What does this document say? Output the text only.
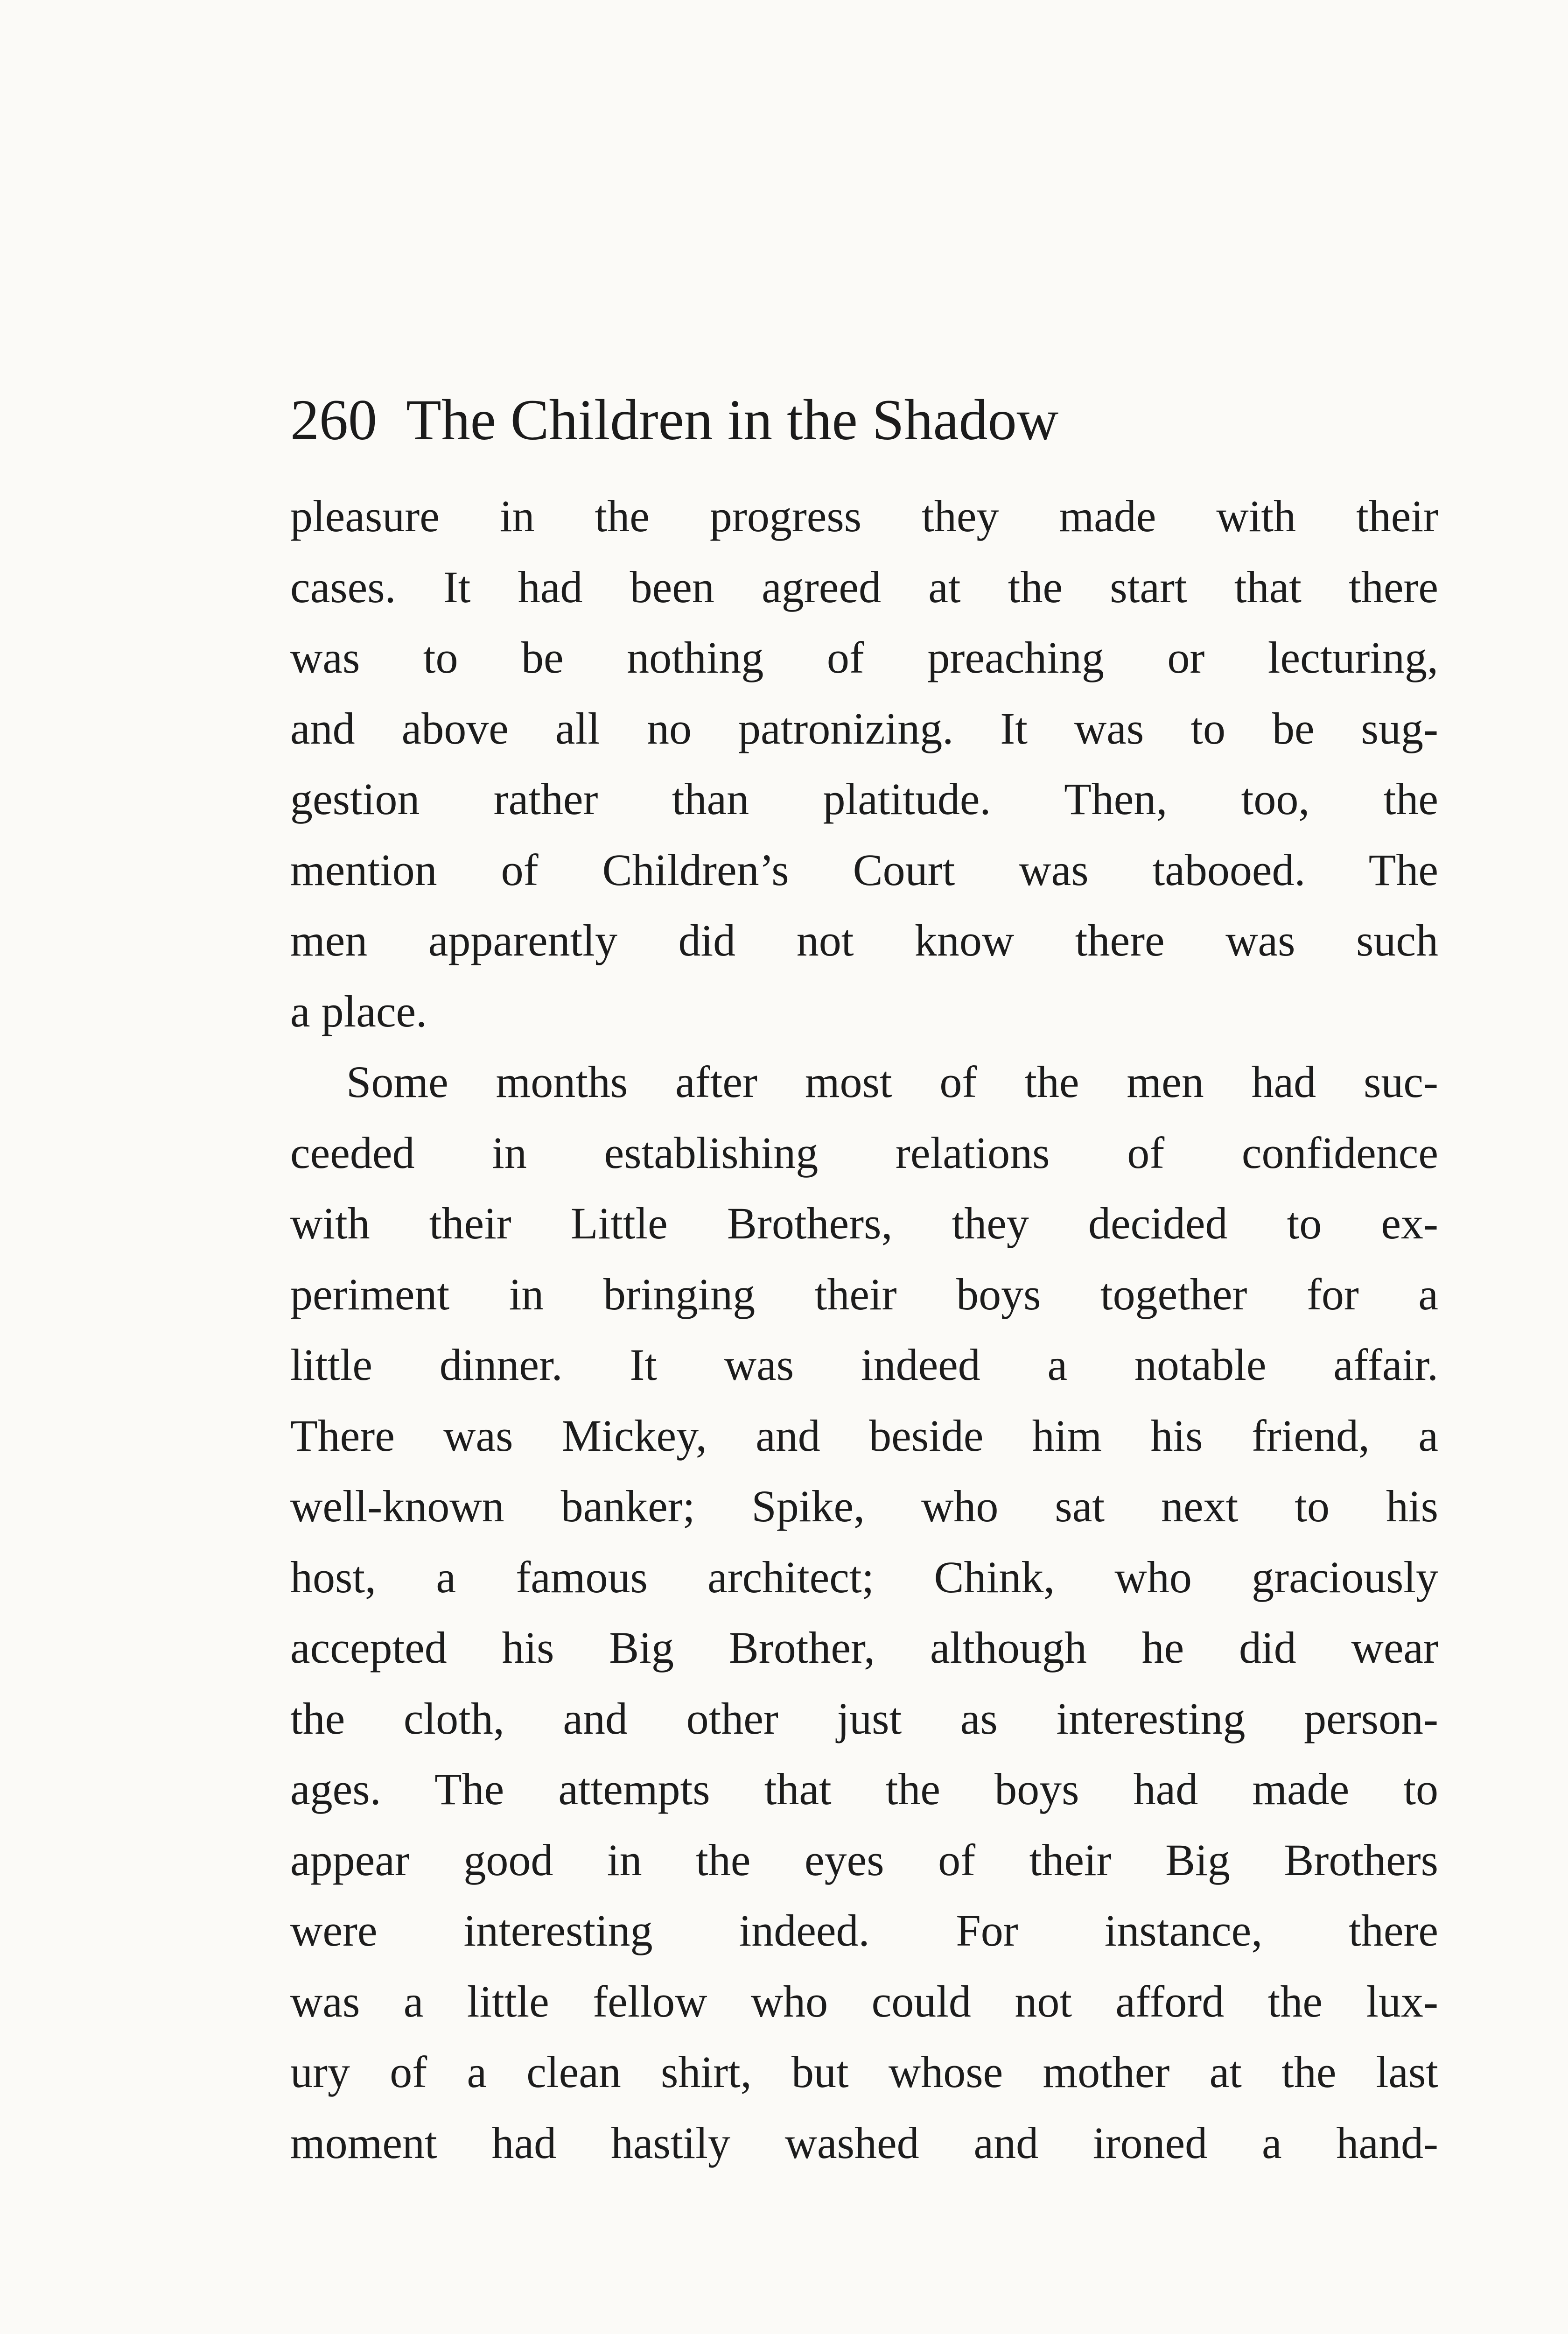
260 The Children in the Shadow
pleasure in the progress they made with their
cases. It had been agreed at the start that there
was to be nothing of preaching or lecturing,
and above all no patronizing. It was to be sug-
gestion rather than platitude. Then, too, the
mention of Children’s Court was tabooed. The
men apparently did not know there was such
a place.
Some months after most of the men had suc-
ceeded in establishing relations of confidence
with their Little Brothers, they decided to ex-
periment in bringing their boys together for a
little dinner. It was indeed a notable affair.
There was Mickey, and beside him his friend, a
well-known banker; Spike, who sat next to his
host, a famous architect; Chink, who graciously
accepted his Big Brother, although he did wear
the cloth, and other just as interesting person-
ages. The attempts that the boys had made to
appear good in the eyes of their Big Brothers
were interesting indeed. For instance, there
was a little fellow who could not afford the lux-
ury of a clean shirt, but whose mother at the last
moment had hastily washed and ironed a hand-
